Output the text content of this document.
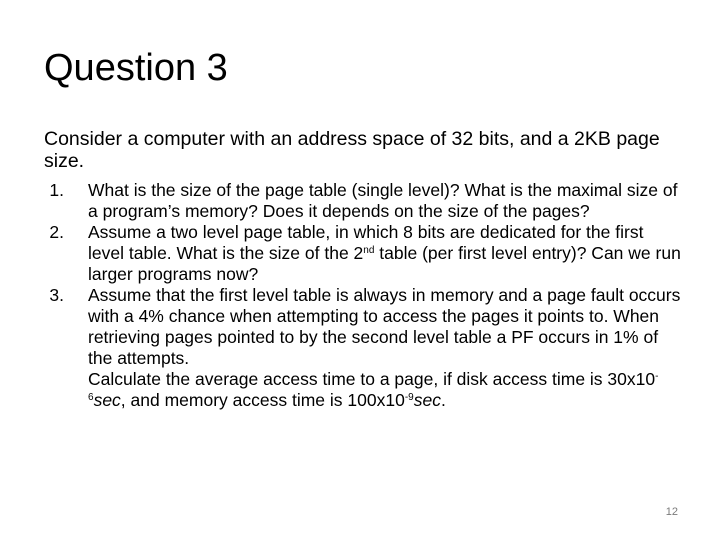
Question 3
Consider a computer with an address space of 32 bits, and a 2KB page size.
1. What is the size of the page table (single level)? What is the maximal size of a program’s memory? Does it depends on the size of the pages?
2. Assume a two level page table, in which 8 bits are dedicated for the first level table. What is the size of the 2nd table (per first level entry)? Can we run larger programs now?
3. Assume that the first level table is always in memory and a page fault occurs with a 4% chance when attempting to access the pages it points to. When retrieving pages pointed to by the second level table a PF occurs in 1% of the attempts.
Calculate the average access time to a page, if disk access time is $30x10^{-6}\sec$, and memory access time is $100x10^{-9}\sec$.
12
